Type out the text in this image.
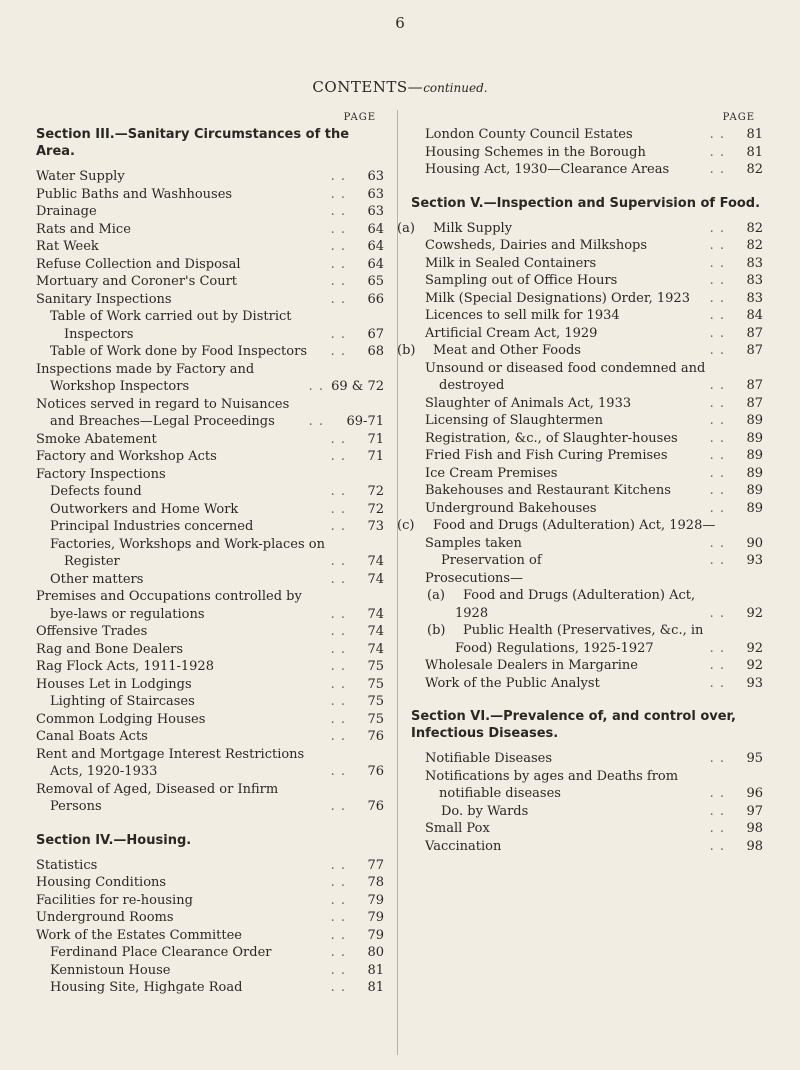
6
CONTENTS—continued.
PAGE
Section III.—Sanitary Circumstances of the Area.
Water Supply	. .	63
Public Baths and Washhouses	. .	63
Drainage	. .	63
Rats and Mice	. .	64
Rat Week	. .	64
Refuse Collection and Disposal	. .	64
Mortuary and Coroner's Court	. .	65
Sanitary Inspections	. .	66
Table of Work carried out by District Inspectors	. .	67
Table of Work done by Food Inspectors	. .	68
Inspections made by Factory and Workshop Inspectors	. . 69 & 72
Notices served in regard to Nuisances and Breaches—Legal Proceedings	. .	69-71
Smoke Abatement	. .	71
Factory and Workshop Acts	. .	71
Factory Inspections
Defects found	. .	72
Outworkers and Home Work	. .	72
Principal Industries concerned	. .	73
Factories, Workshops and Work-places on Register	. .	74
Other matters	. .	74
Premises and Occupations controlled by bye-laws or regulations	. .	74
Offensive Trades	. .	74
Rag and Bone Dealers	. .	74
Rag Flock Acts, 1911-1928	. .	75
Houses Let in Lodgings	. .	75
Lighting of Staircases	. .	75
Common Lodging Houses	. .	75
Canal Boats Acts	. .	76
Rent and Mortgage Interest Restrictions Acts, 1920-1933	. .	76
Removal of Aged, Diseased or Infirm Persons	. .	76
Section IV.—Housing.
Statistics	. .	77
Housing Conditions	. .	78
Facilities for re-housing	. .	79
Underground Rooms	. .	79
Work of the Estates Committee	. .	79
Ferdinand Place Clearance Order	. .	80
Kennistoun House	. .	81
Housing Site, Highgate Road	. .	81
PAGE
London County Council Estates	. .	81
Housing Schemes in the Borough	. .	81
Housing Act, 1930—Clearance Areas	. .	82
Section V.—Inspection and Supervision of Food.
(a) Milk Supply	. .	82
Cowsheds, Dairies and Milkshops	. .	82
Milk in Sealed Containers	. .	83
Sampling out of Office Hours	. .	83
Milk (Special Designations) Order, 1923	. .	83
Licences to sell milk for 1934	. .	84
Artificial Cream Act, 1929	. .	87
(b) Meat and Other Foods	. .	87
Unsound or diseased food condemned and destroyed	. .	87
Slaughter of Animals Act, 1933	. .	87
Licensing of Slaughtermen	. .	89
Registration, &c., of Slaughter-houses	. .	89
Fried Fish and Fish Curing Premises	. .	89
Ice Cream Premises	. .	89
Bakehouses and Restaurant Kitchens	. .	89
Underground Bakehouses	. .	89
(c) Food and Drugs (Adulteration) Act, 1928—
Samples taken	. .	90
Preservation of	. .	93
Prosecutions—
(a) Food and Drugs (Adulteration) Act, 1928	. .	92
(b) Public Health (Preservatives, &c., in Food) Regulations, 1925-1927	. .	92
Wholesale Dealers in Margarine	. .	92
Work of the Public Analyst	. .	93
Section VI.—Prevalence of, and control over, Infectious Diseases.
Notifiable Diseases	. .	95
Notifications by ages and Deaths from notifiable diseases	. .	96
Do. by Wards	. .	97
Small Pox	. .	98
Vaccination	. .	98
